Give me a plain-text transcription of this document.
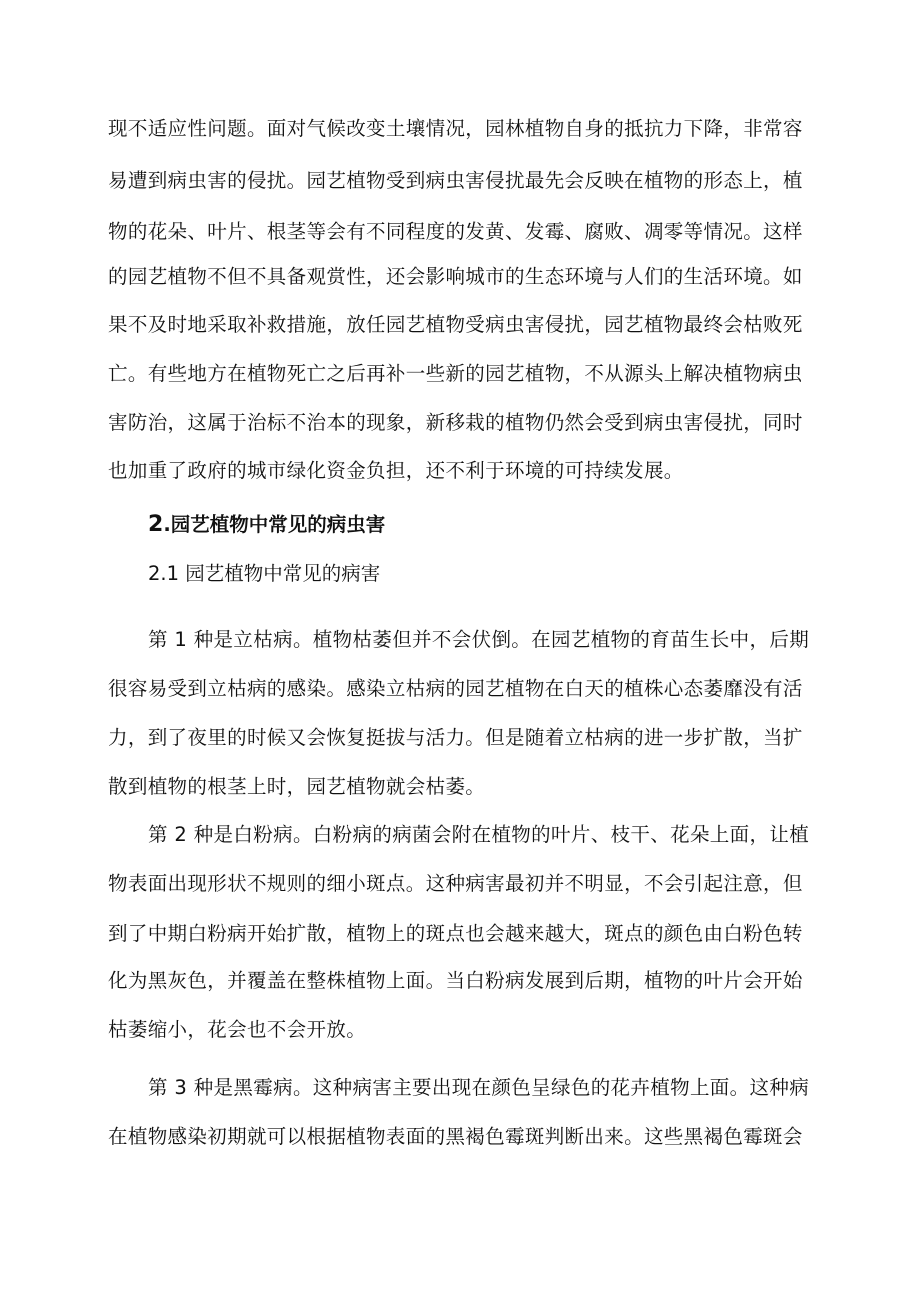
现不适应性问题。面对气候改变土壤情况，园林植物自身的抵抗力下降，非常容
易遭到病虫害的侵扰。园艺植物受到病虫害侵扰最先会反映在植物的形态上，植
物的花朵、叶片、根茎等会有不同程度的发黄、发霉、腐败、凋零等情况。这样
的园艺植物不但不具备观赏性，还会影响城市的生态环境与人们的生活环境。如
果不及时地采取补救措施，放任园艺植物受病虫害侵扰，园艺植物最终会枯败死
亡。有些地方在植物死亡之后再补一些新的园艺植物，不从源头上解决植物病虫
害防治，这属于治标不治本的现象，新移栽的植物仍然会受到病虫害侵扰，同时
也加重了政府的城市绿化资金负担，还不利于环境的可持续发展。
2.园艺植物中常见的病虫害
2.1 园艺植物中常见的病害
第 1 种是立枯病。植物枯萎但并不会伏倒。在园艺植物的育苗生长中，后期
很容易受到立枯病的感染。感染立枯病的园艺植物在白天的植株心态萎靡没有活
力，到了夜里的时候又会恢复挺拔与活力。但是随着立枯病的进一步扩散，当扩
散到植物的根茎上时，园艺植物就会枯萎。
第 2 种是白粉病。白粉病的病菌会附在植物的叶片、枝干、花朵上面，让植
物表面出现形状不规则的细小斑点。这种病害最初并不明显，不会引起注意，但
到了中期白粉病开始扩散，植物上的斑点也会越来越大，斑点的颜色由白粉色转
化为黑灰色，并覆盖在整株植物上面。当白粉病发展到后期，植物的叶片会开始
枯萎缩小，花会也不会开放。
第 3 种是黑霉病。这种病害主要出现在颜色呈绿色的花卉植物上面。这种病
在植物感染初期就可以根据植物表面的黑褐色霉斑判断出来。这些黑褐色霉斑会
